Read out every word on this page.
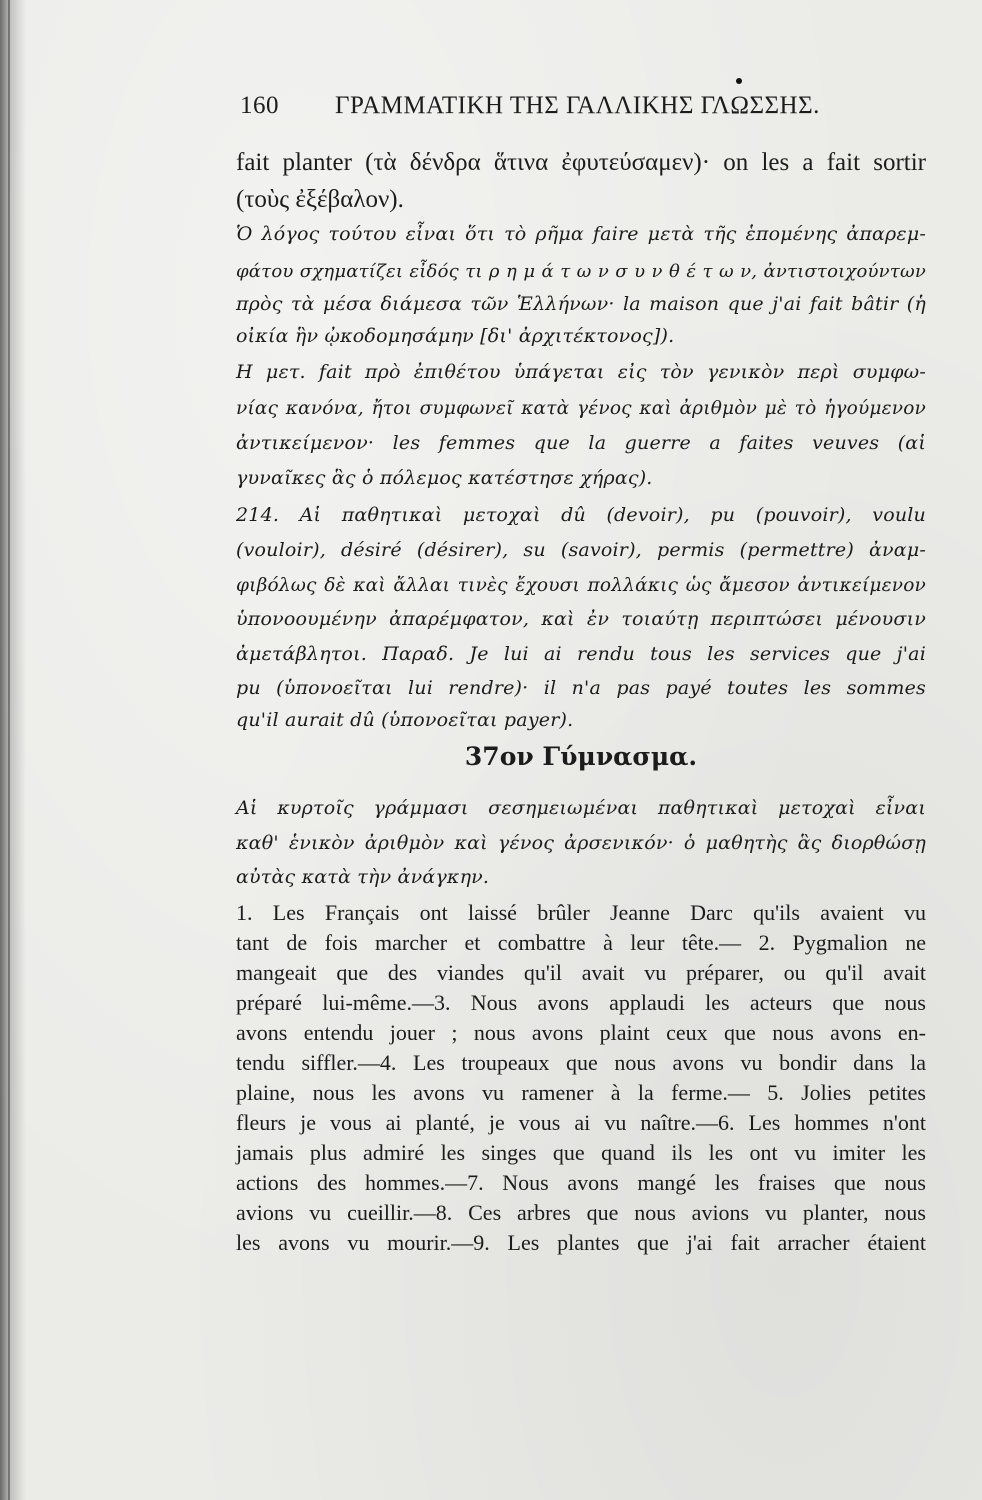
160 ΓΡΑΜΜΑΤΙΚΗ ΤΗΣ ΓΑΛΛΙΚΗΣ ΓΛΩΣΣΗΣ.
fait planter (τὰ δένδρα ἅτινα ἐφυτεύσαμεν)· on les a fait sortir
(τοὺς ἐξέβαλον).
Ὁ λόγος τούτου εἶναι ὅτι τὸ ρῆμα faire μετὰ τῆς ἑπομένης ἀπαρεμ-
φάτου σχηματίζει εἶδός τι ρ η μ ά τ ω ν σ υ ν θ έ τ ω ν, ἀντιστοιχούντων
πρὸς τὰ μέσα διάμεσα τῶν Ἑλλήνων· la maison que j'ai fait bâtir (ἡ
οἰκία ἣν ᾠκοδομησάμην [δι' ἀρχιτέκτονος]).
Η μετ. fait πρὸ ἐπιθέτου ὑπάγεται εἰς τὸν γενικὸν περὶ συμφω-
νίας κανόνα, ἤτοι συμφωνεῖ κατὰ γένος καὶ ἀριθμὸν μὲ τὸ ἡγούμενον
ἀντικείμενον· les femmes que la guerre a faites veuves (αἱ
γυναῖκες ἃς ὁ πόλεμος κατέστησε χήρας).
214. Αἱ παθητικαὶ μετοχαὶ dû (devoir), pu (pouvoir), voulu
(vouloir), désiré (désirer), su (savoir), permis (permettre) ἀναμ-
φιβόλως δὲ καὶ ἄλλαι τινὲς ἔχουσι πολλάκις ὡς ἄμεσον ἀντικείμενον
ὑπονοουμένην ἀπαρέμφατον, καὶ ἐν τοιαύτῃ περιπτώσει μένουσιν
ἀμετάβλητοι. Παραδ. Je lui ai rendu tous les services que j'ai
pu (ὑπονοεῖται lui rendre)· il n'a pas payé toutes les sommes
qu'il aurait dû (ὑπονοεῖται payer).
37ον Γύμνασμα.
Αἱ κυρτοῖς γράμμασι σεσημειωμέναι παθητικαὶ μετοχαὶ εἶναι
καθ' ἑνικὸν ἀριθμὸν καὶ γένος ἀρσενικόν· ὁ μαθητὴς ἃς διορθώσῃ
αὐτὰς κατὰ τὴν ἀνάγκην.
1. Les Français ont laissé brûler Jeanne Darc qu'ils avaient vu
tant de fois marcher et combattre à leur tête.— 2. Pygmalion ne
mangeait que des viandes qu'il avait vu préparer, ou qu'il avait
préparé lui-même.—3. Nous avons applaudi les acteurs que nous
avons entendu jouer ; nous avons plaint ceux que nous avons en-
tendu siffler.—4. Les troupeaux que nous avons vu bondir dans la
plaine, nous les avons vu ramener à la ferme.— 5. Jolies petites
fleurs je vous ai planté, je vous ai vu naître.—6. Les hommes n'ont
jamais plus admiré les singes que quand ils les ont vu imiter les
actions des hommes.—7. Nous avons mangé les fraises que nous
avions vu cueillir.—8. Ces arbres que nous avions vu planter, nous
les avons vu mourir.—9. Les plantes que j'ai fait arracher étaient
